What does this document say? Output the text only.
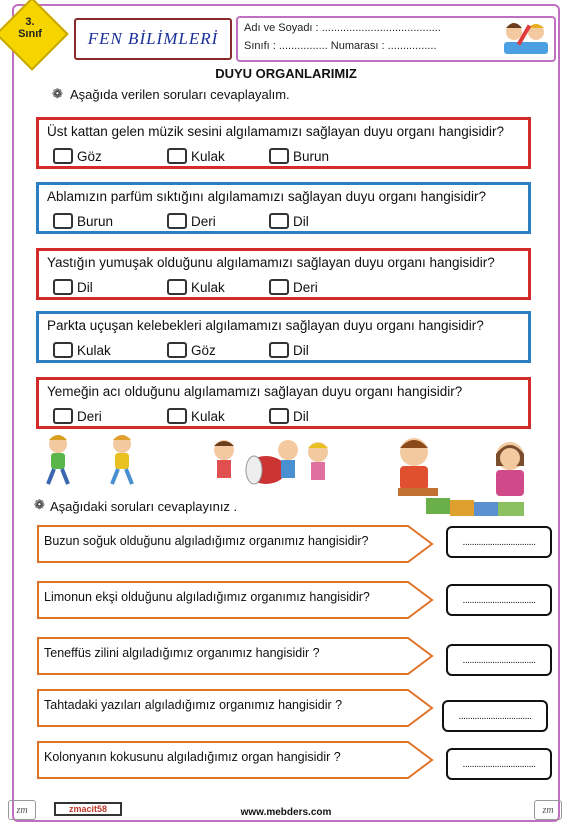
3.
Sınıf	FEN BİLİMLERİ
Adı ve Soyadı : .......................................
Sınıfı : ................ Numarası : ................
DUYU ORGANLARIMIZ
❁ Aşağıda verilen soruları cevaplayalım.
Üst kattan gelen müzik sesini algılamamızı sağlayan duyu organı hangisidir?
Göz	Kulak	Burun
Ablamızın parfüm sıktığını algılamamızı sağlayan duyu organı hangisidir?
Burun	Deri	Dil
Yastığın yumuşak olduğunu algılamamızı sağlayan duyu organı hangisidir?
Dil	Kulak	Deri
Parkta uçuşan kelebekleri algılamamızı sağlayan duyu organı hangisidir?
Kulak	Göz	Dil
Yemeğin acı olduğunu algılamamızı sağlayan duyu organı hangisidir?
Deri	Kulak	Dil
❁ Aşağıdaki soruları cevaplayınız .
Buzun soğuk olduğunu algıladığımız organımız hangisidir?	................................
Limonun ekşi olduğunu algıladığımız organımız hangisidir?	................................
Teneffüs zilini algıladığımız organımız hangisidir ?	................................
Tahtadaki yazıları algıladığımız organımız hangisidir ?
................................
Kolonyanın kokusunu algıladığımız organ hangisidir ?	................................
zm	zmacit58	www.mebders.com	zm
